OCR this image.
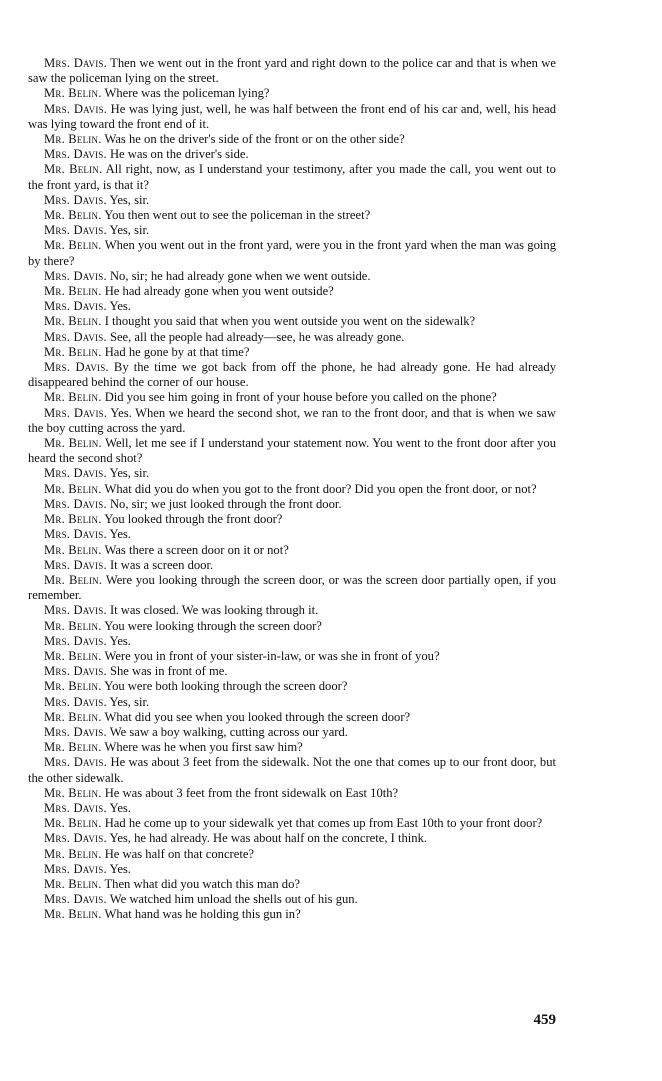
Mrs. Davis. Then we went out in the front yard and right down to the police car and that is when we saw the policeman lying on the street.

Mr. Belin. Where was the policeman lying?

Mrs. Davis. He was lying just, well, he was half between the front end of his car and, well, his head was lying toward the front end of it.

Mr. Belin. Was he on the driver's side of the front or on the other side?

Mrs. Davis. He was on the driver's side.

Mr. Belin. All right, now, as I understand your testimony, after you made the call, you went out to the front yard, is that it?

Mrs. Davis. Yes, sir.

Mr. Belin. You then went out to see the policeman in the street?

Mrs. Davis. Yes, sir.

Mr. Belin. When you went out in the front yard, were you in the front yard when the man was going by there?

Mrs. Davis. No, sir; he had already gone when we went outside.

Mr. Belin. He had already gone when you went outside?

Mrs. Davis. Yes.

Mr. Belin. I thought you said that when you went outside you went on the sidewalk?

Mrs. Davis. See, all the people had already—see, he was already gone.

Mr. Belin. Had he gone by at that time?

Mrs. Davis. By the time we got back from off the phone, he had already gone. He had already disappeared behind the corner of our house.

Mr. Belin. Did you see him going in front of your house before you called on the phone?

Mrs. Davis. Yes. When we heard the second shot, we ran to the front door, and that is when we saw the boy cutting across the yard.

Mr. Belin. Well, let me see if I understand your statement now. You went to the front door after you heard the second shot?

Mrs. Davis. Yes, sir.

Mr. Belin. What did you do when you got to the front door? Did you open the front door, or not?

Mrs. Davis. No, sir; we just looked through the front door.

Mr. Belin. You looked through the front door?

Mrs. Davis. Yes.

Mr. Belin. Was there a screen door on it or not?

Mrs. Davis. It was a screen door.

Mr. Belin. Were you looking through the screen door, or was the screen door partially open, if you remember.

Mrs. Davis. It was closed. We was looking through it.

Mr. Belin. You were looking through the screen door?

Mrs. Davis. Yes.

Mr. Belin. Were you in front of your sister-in-law, or was she in front of you?

Mrs. Davis. She was in front of me.

Mr. Belin. You were both looking through the screen door?

Mrs. Davis. Yes, sir.

Mr. Belin. What did you see when you looked through the screen door?

Mrs. Davis. We saw a boy walking, cutting across our yard.

Mr. Belin. Where was he when you first saw him?

Mrs. Davis. He was about 3 feet from the sidewalk. Not the one that comes up to our front door, but the other sidewalk.

Mr. Belin. He was about 3 feet from the front sidewalk on East 10th?

Mrs. Davis. Yes.

Mr. Belin. Had he come up to your sidewalk yet that comes up from East 10th to your front door?

Mrs. Davis. Yes, he had already. He was about half on the concrete, I think.

Mr. Belin. He was half on that concrete?

Mrs. Davis. Yes.

Mr. Belin. Then what did you watch this man do?

Mrs. Davis. We watched him unload the shells out of his gun.

Mr. Belin. What hand was he holding this gun in?

459
